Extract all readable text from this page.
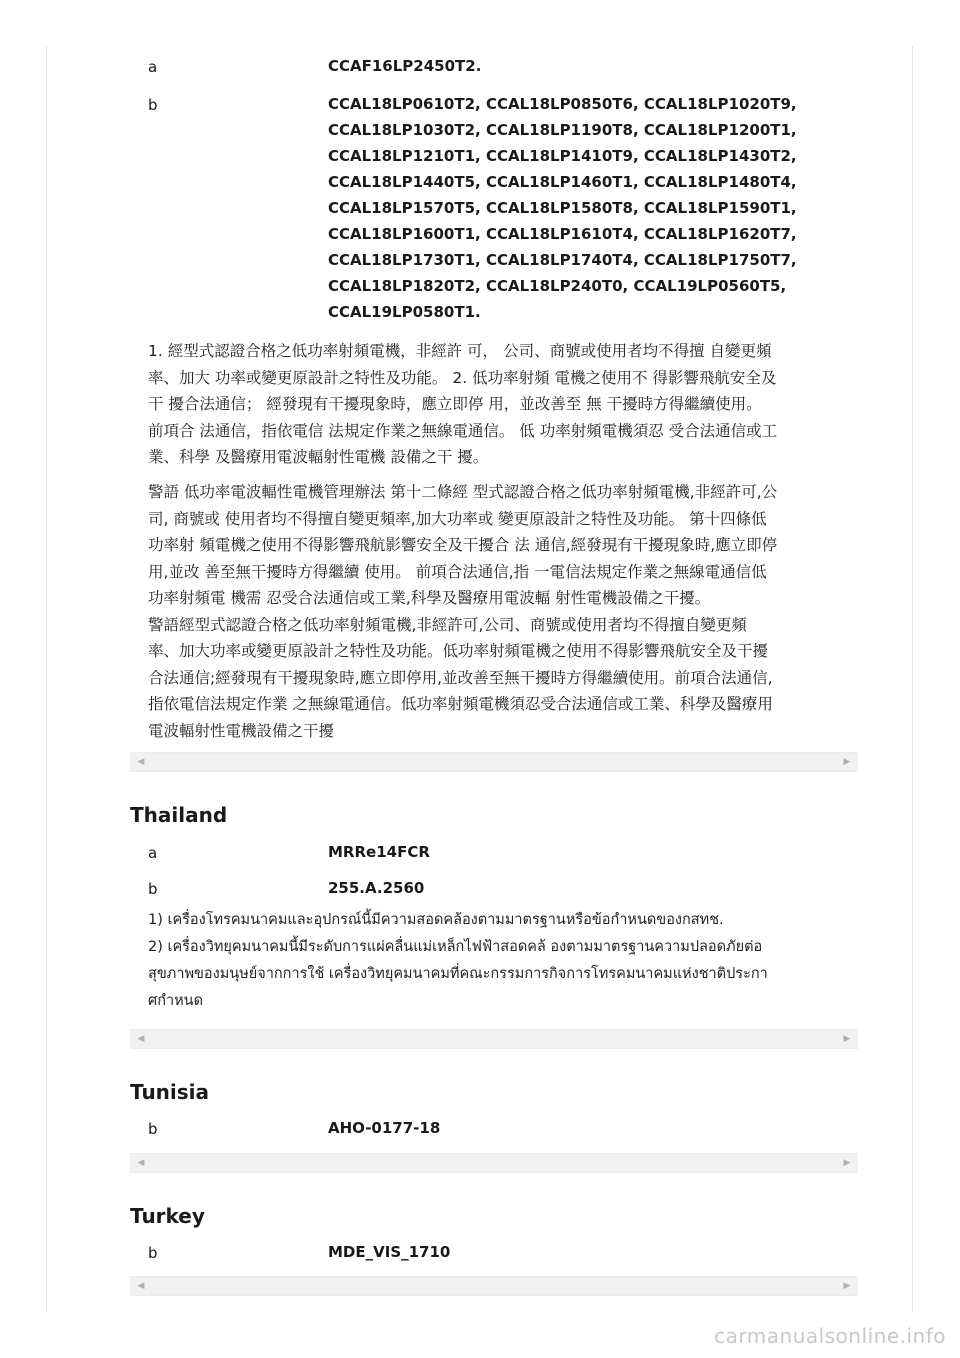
a	CCAF16LP2450T2.
b	CCAL18LP0610T2, CCAL18LP0850T6, CCAL18LP1020T9,
CCAL18LP1030T2, CCAL18LP1190T8, CCAL18LP1200T1,
CCAL18LP1210T1, CCAL18LP1410T9, CCAL18LP1430T2,
CCAL18LP1440T5, CCAL18LP1460T1, CCAL18LP1480T4,
CCAL18LP1570T5, CCAL18LP1580T8, CCAL18LP1590T1,
CCAL18LP1600T1, CCAL18LP1610T4, CCAL18LP1620T7,
CCAL18LP1730T1, CCAL18LP1740T4, CCAL18LP1750T7,
CCAL18LP1820T2, CCAL18LP240T0, CCAL19LP0560T5,
CCAL19LP0580T1.
1. 經型式認證合格之低功率射頻電機，非經許 可， 公司、商號或使用者均不得擅 自變更頻
率、加大 功率或變更原設計之特性及功能。 2. 低功率射頻 電機之使用不 得影響飛航安全及
干 擾合法通信； 經發現有干擾現象時，應立即停 用，並改善至 無 干擾時方得繼續使用。
前項合 法通信，指依電信 法規定作業之無線電通信。 低 功率射頻電機須忍 受合法通信或工
業、科學 及醫療用電波輻射性電機 設備之干 擾。
警語 低功率電波輻性電機管理辦法 第十二條經 型式認證合格之低功率射頻電機,非經許可,公
司, 商號或 使用者均不得擅自變更頻率,加大功率或 變更原設計之特性及功能。 第十四條低
功率射 頻電機之使用不得影響飛航影響安全及干擾合 法 通信,經發現有干擾現象時,應立即停
用,並改 善至無干擾時方得繼續 使用。 前項合法通信,指 一電信法規定作業之無線電通信低
功率射頻電 機需 忍受合法通信或工業,科學及醫療用電波輻 射性電機設備之干擾。
警語經型式認證合格之低功率射頻電機,非經許可,公司、商號或使用者均不得擅自變更頻
率、加大功率或變更原設計之特性及功能。低功率射頻電機之使用不得影響飛航安全及干擾
合法通信;經發現有干擾現象時,應立即停用,並改善至無干擾時方得繼續使用。前項合法通信,
指依電信法規定作業 之無線電通信。低功率射頻電機須忍受合法通信或工業、科學及醫療用
電波輻射性電機設備之干擾
◀	▶
Thailand
a	MRRe14FCR
b	255.A.2560
1) เครื่องโทรคมนาคมและอุปกรณ์นี้มีความสอดคล้องตามมาตรฐานหรือข้อกำหนดของกสทช.
2) เครื่องวิทยุคมนาคมนี้มีระดับการแผ่คลื่นแม่เหล็กไฟฟ้าสอดคล้ องตามมาตรฐานความปลอดภัยต่อ
สุขภาพของมนุษย์จากการใช้ เครื่องวิทยุคมนาคมที่คณะกรรมการกิจการโทรคมนาคมแห่งชาติประกา
ศกำหนด
◀	▶
Tunisia
b	AHO-0177-18
◀	▶
Turkey
b	MDE_VIS_1710
◀	▶
carmanualsonline.info
